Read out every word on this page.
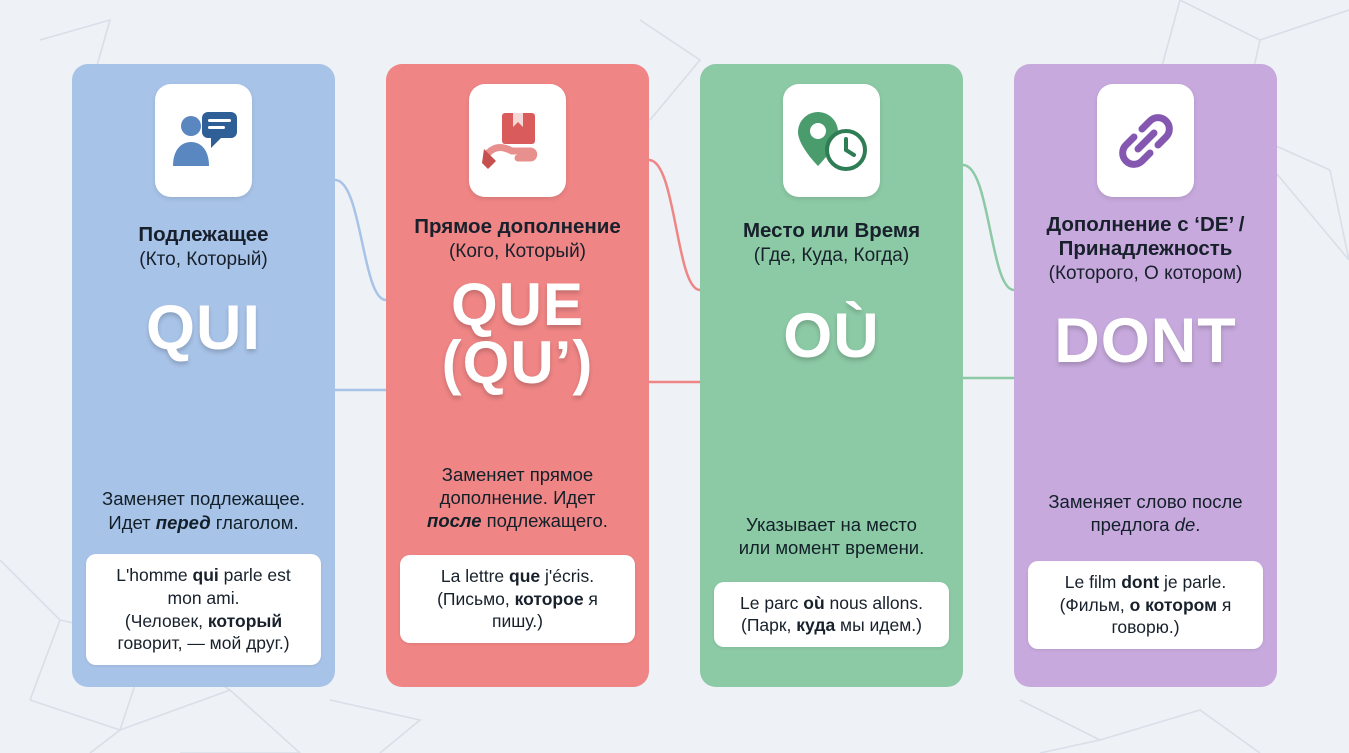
Подлежащее
(Кто, Который)
QUI
Заменяет подлежащее.
Идет перед глаголом.
L'homme qui parle est mon ami.
(Человек, который говорит, — мой друг.)
Прямое дополнение
(Кого, Который)
QUE
(QU’)
Заменяет прямое
дополнение. Идет
после подлежащего.
La lettre que j'écris.
(Письмо, которое я пишу.)
Место или Время
(Где, Куда, Когда)
OÙ
Указывает на место
или момент времени.
Le parc où nous allons.
(Парк, куда мы идем.)
Дополнение с ‘DE’ /
Принадлежность
(Которого, О котором)
DONT
Заменяет слово после
предлога de.
Le film dont je parle.
(Фильм, о котором я говорю.)
